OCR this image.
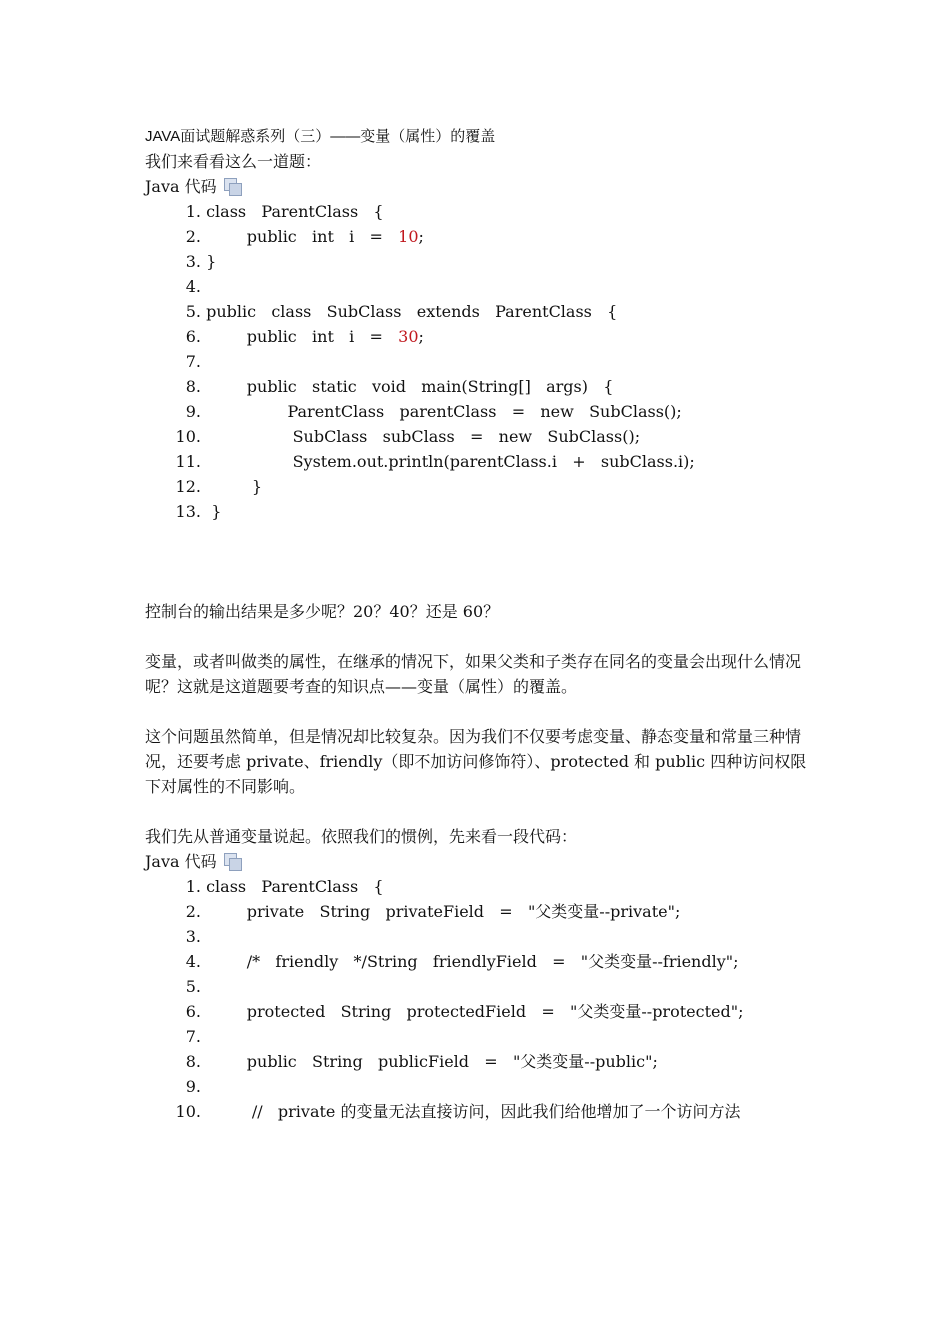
JAVA面试题解惑系列（三）——变量（属性）的覆盖
我们来看看这么一道题：
Java 代码
1.
class   ParentClass   {
2.
public   int   i   =   10;
3.
}
4.

5.
public   class   SubClass   extends   ParentClass   {
6.
public   int   i   =   30;
7.

8.
public   static   void   main(String[]   args)   {
9.
ParentClass   parentClass   =   new   SubClass();
10.
SubClass   subClass   =   new   SubClass();
11.
System.out.println(parentClass.i   +   subClass.i);
12.
}
13.
}
控制台的输出结果是多少呢？20？40？还是 60？
变量，或者叫做类的属性，在继承的情况下，如果父类和子类存在同名的变量会出现什么情况呢？这就是这道题要考查的知识点——变量（属性）的覆盖。
这个问题虽然简单，但是情况却比较复杂。因为我们不仅要考虑变量、静态变量和常量三种情况，还要考虑 private、friendly（即不加访问修饰符）、protected 和 public 四种访问权限下对属性的不同影响。
我们先从普通变量说起。依照我们的惯例，先来看一段代码：
Java 代码
1.
class   ParentClass   {
2.
private   String   privateField   =   "父类变量--private";
3.

4.
/*   friendly   */String   friendlyField   =   "父类变量--friendly";
5.

6.
protected   String   protectedField   =   "父类变量--protected";
7.

8.
public   String   publicField   =   "父类变量--public";
9.

10.
//   private 的变量无法直接访问，因此我们给他增加了一个访问方法
